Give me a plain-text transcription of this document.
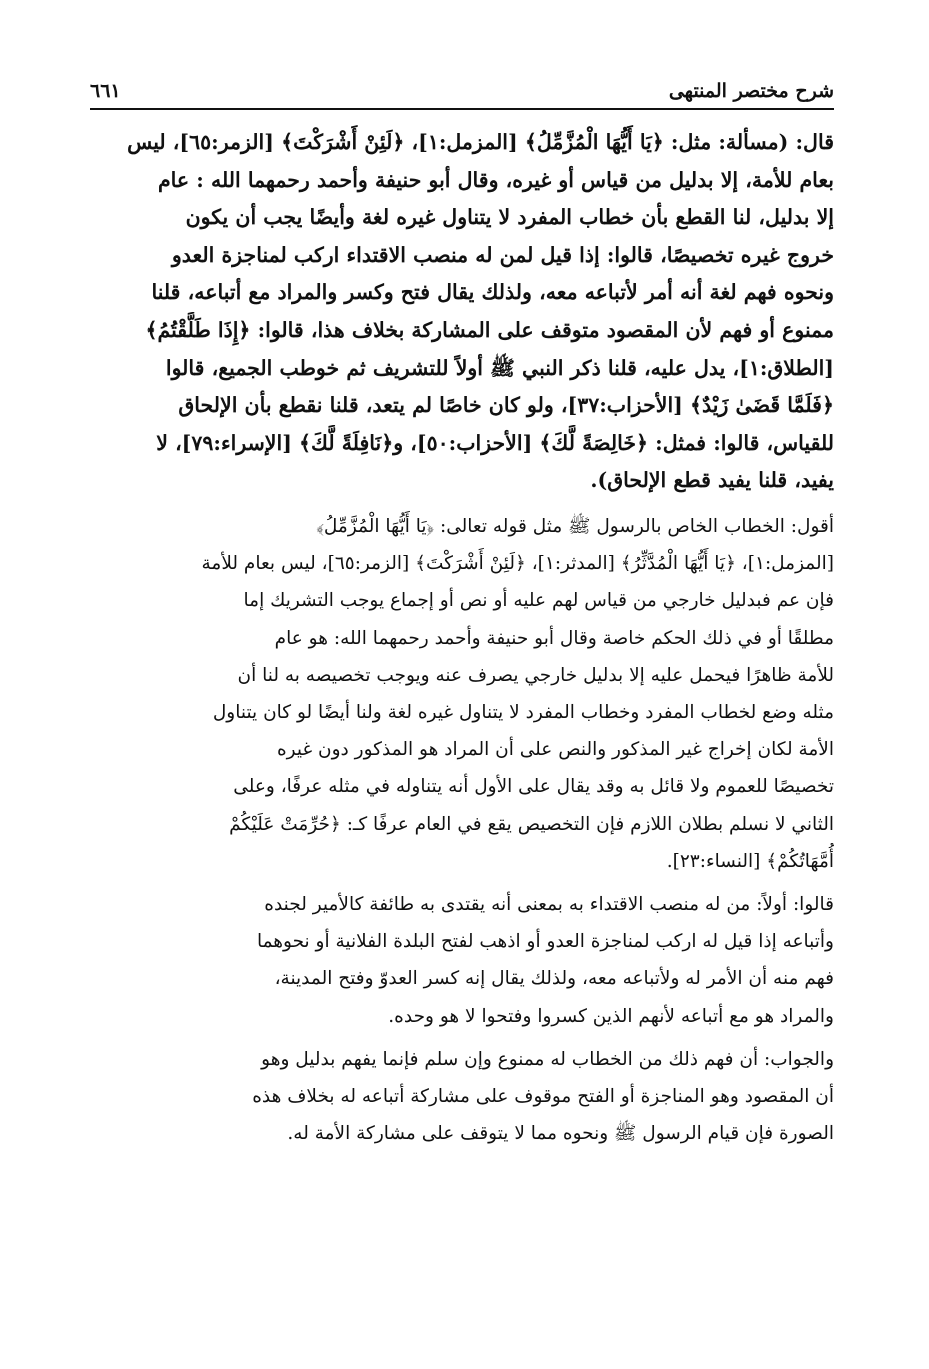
شرح مختصر المنتهى
٦٦١

قال: (مسألة: مثل: ﴿يَا أَيُّهَا الْمُزَّمِّلُ﴾ [المزمل:١]، ﴿لَئِنْ أَشْرَكْتَ﴾ [الزمر:٦٥]، ليس
بعام للأمة، إلا بدليل من قياس أو غيره، وقال أبو حنيفة وأحمد رحمهما الله : عام
إلا بدليل، لنا القطع بأن خطاب المفرد لا يتناول غيره لغة وأيضًا يجب أن يكون
خروج غيره تخصيصًا، قالوا: إذا قيل لمن له منصب الاقتداء اركب لمناجزة العدو
ونحوه فهم لغة أنه أمر لأتباعه معه، ولذلك يقال فتح وكسر والمراد مع أتباعه، قلنا
ممنوع أو فهم لأن المقصود متوقف على المشاركة بخلاف هذا، قالوا: ﴿إِذَا طَلَّقْتُمُ﴾
[الطلاق:١]، يدل عليه، قلنا ذكر النبي ﷺ أولاً للتشريف ثم خوطب الجميع، قالوا
﴿فَلَمَّا قَضَىٰ زَيْدٌ﴾ [الأحزاب:٣٧]، ولو كان خاصًا لم يتعد، قلنا نقطع بأن الإلحاق
للقياس، قالوا: فمثل: ﴿خَالِصَةً لَّكَ﴾ [الأحزاب:٥٠]، و﴿نَافِلَةً لَّكَ﴾ [الإسراء:٧٩]، لا
يفيد، قلنا يفيد قطع الإلحاق).

أقول: الخطاب الخاص بالرسول ﷺ مثل قوله تعالى: ﴿يَا أَيُّهَا الْمُزَّمِّلُ﴾
[المزمل:١]، ﴿يَا أَيُّهَا الْمُدَّثِّرُ﴾ [المدثر:١]، ﴿لَئِنْ أَشْرَكْتَ﴾ [الزمر:٦٥]، ليس بعام للأمة
فإن عم فبدليل خارجي من قياس لهم عليه أو نص أو إجماع يوجب التشريك إما
مطلقًا أو في ذلك الحكم خاصة وقال أبو حنيفة وأحمد رحمهما الله: هو عام
للأمة ظاهرًا فيحمل عليه إلا بدليل خارجي يصرف عنه ويوجب تخصيصه به لنا أن
مثله وضع لخطاب المفرد وخطاب المفرد لا يتناول غيره لغة ولنا أيضًا لو كان يتناول
الأمة لكان إخراج غير المذكور والنص على أن المراد هو المذكور دون غيره
تخصيصًا للعموم ولا قائل به وقد يقال على الأول أنه يتناوله في مثله عرفًا، وعلى
الثاني لا نسلم بطلان اللازم فإن التخصيص يقع في العام عرفًا كـ: ﴿حُرِّمَتْ عَلَيْكُمْ
أُمَّهَاتُكُمْ﴾ [النساء:٢٣].

قالوا: أولاً: من له منصب الاقتداء به بمعنى أنه يقتدى به طائفة كالأمير لجنده
وأتباعه إذا قيل له اركب لمناجزة العدو أو اذهب لفتح البلدة الفلانية أو نحوهما
فهم منه أن الأمر له ولأتباعه معه، ولذلك يقال إنه كسر العدوّ وفتح المدينة،
والمراد هو مع أتباعه لأنهم الذين كسروا وفتحوا لا هو وحده.

والجواب: أن فهم ذلك من الخطاب له ممنوع وإن سلم فإنما يفهم بدليل وهو
أن المقصود وهو المناجزة أو الفتح موقوف على مشاركة أتباعه له بخلاف هذه
الصورة فإن قيام الرسول ﷺ ونحوه مما لا يتوقف على مشاركة الأمة له.
